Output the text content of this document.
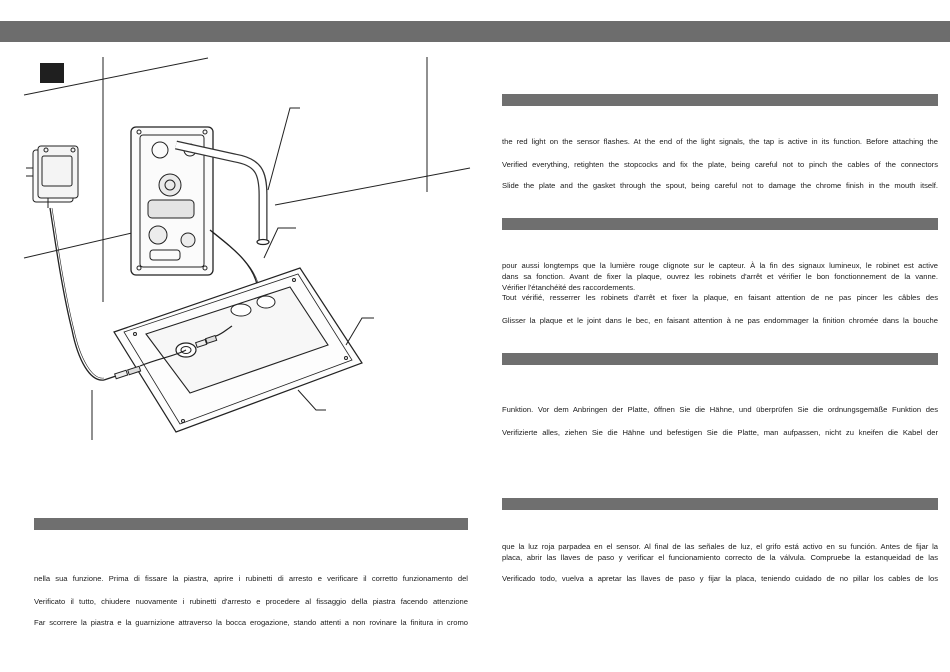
nella sua funzione. Prima di fissare la piastra, aprire i rubinetti di arresto e verificare il corretto funzionamento del
Verificato il tutto, chiudere nuovamente i rubinetti d'arresto e procedere al fissaggio della piastra facendo attenzione
Far scorrere la piastra e la guarnizione attraverso la bocca erogazione, stando attenti a non rovinare la finitura in cromo
the red light on the sensor flashes. At the end of the light signals, the tap is active in its function. Before attaching the
Verified everything, retighten the stopcocks and fix the plate, being careful not to pinch the cables of the connectors
Slide the plate and the gasket through the spout, being careful not to damage the chrome finish in the mouth itself.
pour aussi longtemps que la lumière rouge clignote sur le capteur. À la fin des signaux lumineux, le robinet est active
dans sa fonction. Avant de fixer la plaque, ouvrez les robinets d'arrêt et vérifier le bon fonctionnement de la vanne.
Vérifier l'étanchéité des raccordements.
Tout vérifié, resserrer les robinets d'arrêt et fixer la plaque, en faisant attention de ne pas pincer les câbles des
Glisser la plaque et le joint dans le bec, en faisant attention à ne pas endommager la finition chromée dans la bouche
Funktion. Vor dem Anbringen der Platte, öffnen Sie die Hähne, und überprüfen Sie die ordnungsgemäße Funktion des
Verifizierte alles, ziehen Sie die Hähne und befestigen Sie die Platte, man aufpassen, nicht zu kneifen die Kabel der
que la luz roja parpadea en el sensor. Al final de las señales de luz, el grifo está activo en su función. Antes de fijar la
placa, abrir las llaves de paso y verificar el funcionamiento correcto de la válvula. Compruebe la estanqueidad de las
Verificado todo, vuelva a apretar las llaves de paso y fijar la placa, teniendo cuidado de no pillar los cables de los
